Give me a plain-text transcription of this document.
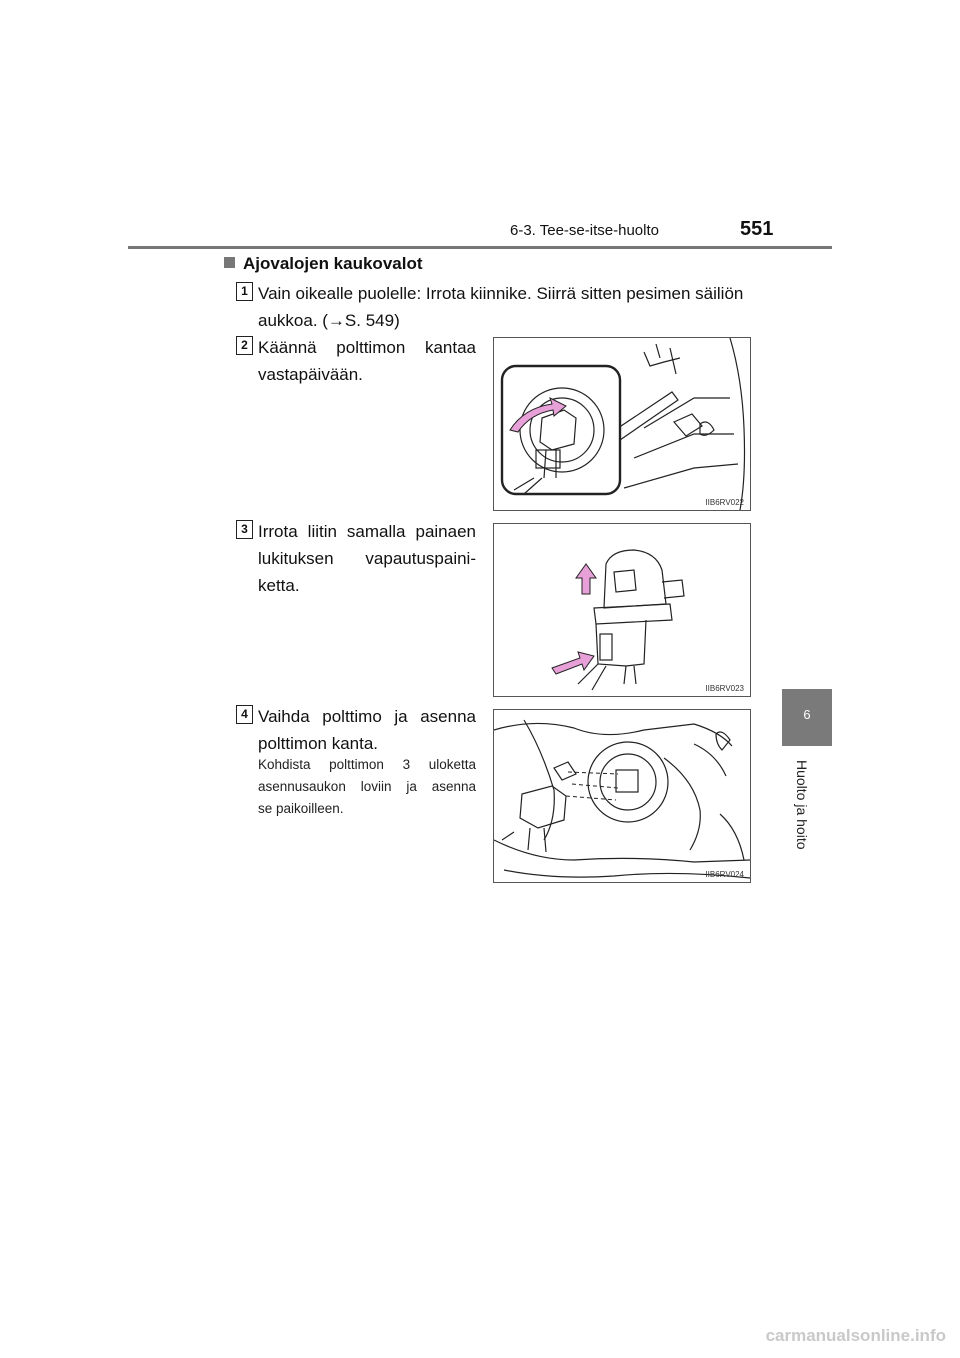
6-3. Tee-se-itse-huolto	551
6
Huolto ja hoito
Ajovalojen kaukovalot
1 Vain oikealle puolelle: Irrota kiinnike. Siirrä sitten pesimen säiliön
aukkoa. (→S. 549)
2 Käännä polttimon kantaa
vastapäivään.
IIB6RV022
3 Irrota liitin samalla painaen
lukituksen vapautuspaini-
ketta.
IIB6RV023
4 Vaihda polttimo ja asenna
polttimon kanta.
Kohdista polttimon 3 uloketta
asennusaukon loviin ja asenna
se paikoilleen.
IIB6RV024
carmanualsonline.info
